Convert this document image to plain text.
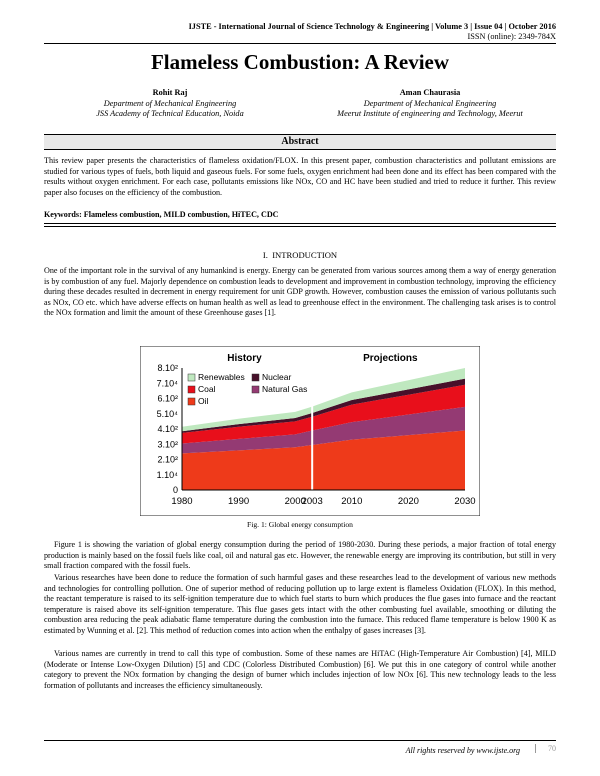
IJSTE - International Journal of Science Technology & Engineering | Volume 3 | Issue 04 | October 2016
ISSN (online): 2349-784X
Flameless Combustion: A Review
Rohit Raj
Department of Mechanical Engineering
JSS Academy of Technical Education, Noida
Aman Chaurasia
Department of Mechanical Engineering
Meerut Institute of engineering and Technology, Meerut
Abstract
This review paper presents the characteristics of flameless oxidation/FLOX. In this present paper, combustion characteristics and pollutant emissions are studied for various types of fuels, both liquid and gaseous fuels. For some fuels, oxygen enrichment had been done and its effect has been compared with the results without oxygen enrichment. For each case, pollutants emissions like NOx, CO and HC have been studied and tried to reduce it further. This review paper also focuses on the efficiency of the combustion.
Keywords: Flameless combustion, MILD combustion, HiTEC, CDC
I. INTRODUCTION
One of the important role in the survival of any humankind is energy. Energy can be generated from various sources among them a way of energy generation is by combustion of any fuel. Majorly dependence on combustion leads to development and improvement in combustion technology, improving the efficiency during these decades resulted in decrement in energy requirement for unit GDP growth. However, combustion causes the emission of various pollutants such as NOx, CO etc. which have adverse effects on human health as well as lead to greenhouse effect in the environment. The challenging task arises is to control the NOx formation and limit the amount of these Greenhouse gases [1].
0
1.10⁴
2.10²
3.10²
4.10²
5.10⁴
6.10²
7.10⁴
8.10²
1980	1990	2000
2003 2010	2020	2030
History	Projections
Renewables Nuclear
Coal	Natural Gas
Oil
Fig. 1: Global energy consumption
Figure 1 is showing the variation of global energy consumption during the period of 1980-2030. During these periods, a major fraction of total energy production is mainly based on the fossil fuels like coal, oil and natural gas etc. However, the renewable energy are improving its contribution, but still in very small fraction compared with the fossil fuels.
Various researches have been done to reduce the formation of such harmful gases and these researches lead to the development of various new methods and technologies for controlling pollution. One of superior method of reducing pollution up to large extent is flameless Oxidation (FLOX). In this method, the reactant temperature is raised to its self-ignition temperature due to which fuel starts to burn which produces the flue gases into furnace and the reactant temperature is raised above its self-ignition temperature. This flue gases gets intact with the other combusting fuel available, smoothing or diluting the combustion area reducing the peak adiabatic flame temperature during the combustion into the furnace. This reduced flame temperature is below 1900 K as estimated by Wunning et al. [2]. This method of reduction comes into action when the enthalpy of gases increases [3].
Various names are currently in trend to call this type of combustion. Some of these names are HiTAC (High-Temperature Air Combustion) [4], MILD (Moderate or Intense Low-Oxygen Dilution) [5] and CDC (Colorless Distributed Combustion) [6]. We put this in one category of control while another category to prevent the NOx formation by changing the design of burner which includes injection of low NOx [6]. This new technology leads to the less formation of pollutants and increases the efficiency simultaneously.
All rights reserved by www.ijste.org	70
